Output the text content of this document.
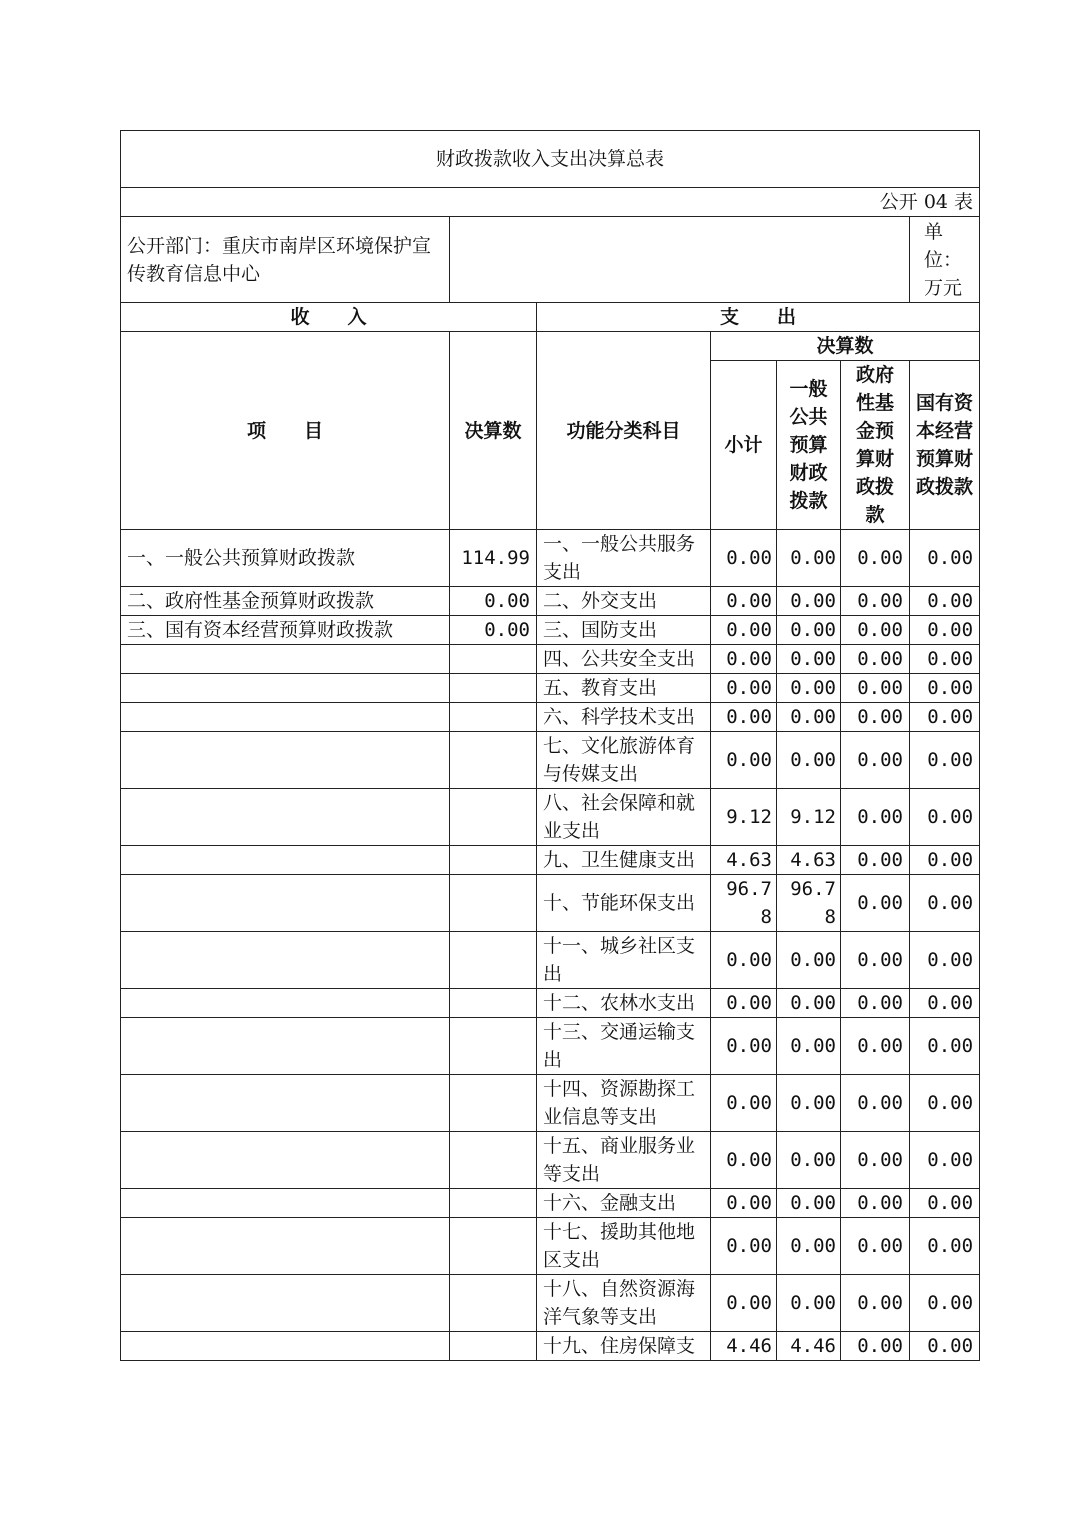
财政拨款收入支出决算总表						
公开 04 表						
公开部门：重庆市南岸区环境保护宣传教育信息中心						单位：万元
收　　入		支　　出				
项　　目	决算数	功能分类科目	决算数			
			小计	一般公共预算财政拨款	政府性基金预算财政拨款	国有资本经营预算财政拨款
一、一般公共预算财政拨款	114.99	一、一般公共服务支出	0.00	0.00	0.00	0.00
二、政府性基金预算财政拨款	0.00	二、外交支出	0.00	0.00	0.00	0.00
三、国有资本经营预算财政拨款	0.00	三、国防支出	0.00	0.00	0.00	0.00
		四、公共安全支出	0.00	0.00	0.00	0.00
		五、教育支出	0.00	0.00	0.00	0.00
		六、科学技术支出	0.00	0.00	0.00	0.00
		七、文化旅游体育与传媒支出	0.00	0.00	0.00	0.00
		八、社会保障和就业支出	9.12	9.12	0.00	0.00
		九、卫生健康支出	4.63	4.63	0.00	0.00
		十、节能环保支出	96.78	96.78	0.00	0.00
		十一、城乡社区支出	0.00	0.00	0.00	0.00
		十二、农林水支出	0.00	0.00	0.00	0.00
		十三、交通运输支出	0.00	0.00	0.00	0.00
		十四、资源勘探工业信息等支出	0.00	0.00	0.00	0.00
		十五、商业服务业等支出	0.00	0.00	0.00	0.00
		十六、金融支出	0.00	0.00	0.00	0.00
		十七、援助其他地区支出	0.00	0.00	0.00	0.00
		十八、自然资源海洋气象等支出	0.00	0.00	0.00	0.00
		十九、住房保障支	4.46	4.46	0.00	0.00
